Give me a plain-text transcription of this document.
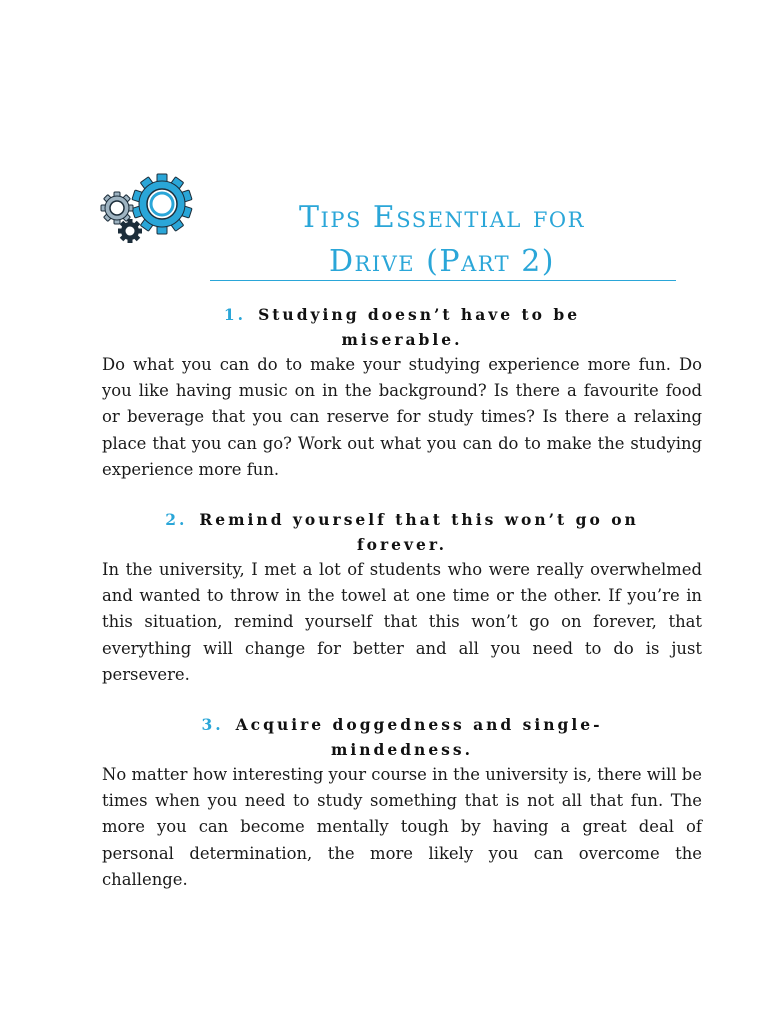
Tips Essential for
Drive (Part 2)
1. Studying doesn’t have to be miserable.

Do what you can do to make your studying experience more fun. Do you like having music on in the background? Is there a favourite food or beverage that you can reserve for study times? Is there a relaxing place that you can go? Work out what you can do to make the studying experience more fun.

2. Remind yourself that this won’t go on forever.

In the university, I met a lot of students who were really overwhelmed and wanted to throw in the towel at one time or the other. If you’re in this situation, remind yourself that this won’t go on forever, that everything will change for better and all you need to do is just persevere.

3. Acquire doggedness and single-mindedness.

No matter how interesting your course in the university is, there will be times when you need to study something that is not all that fun. The more you can become mentally tough by having a great deal of personal determination, the more likely you can overcome the challenge.
